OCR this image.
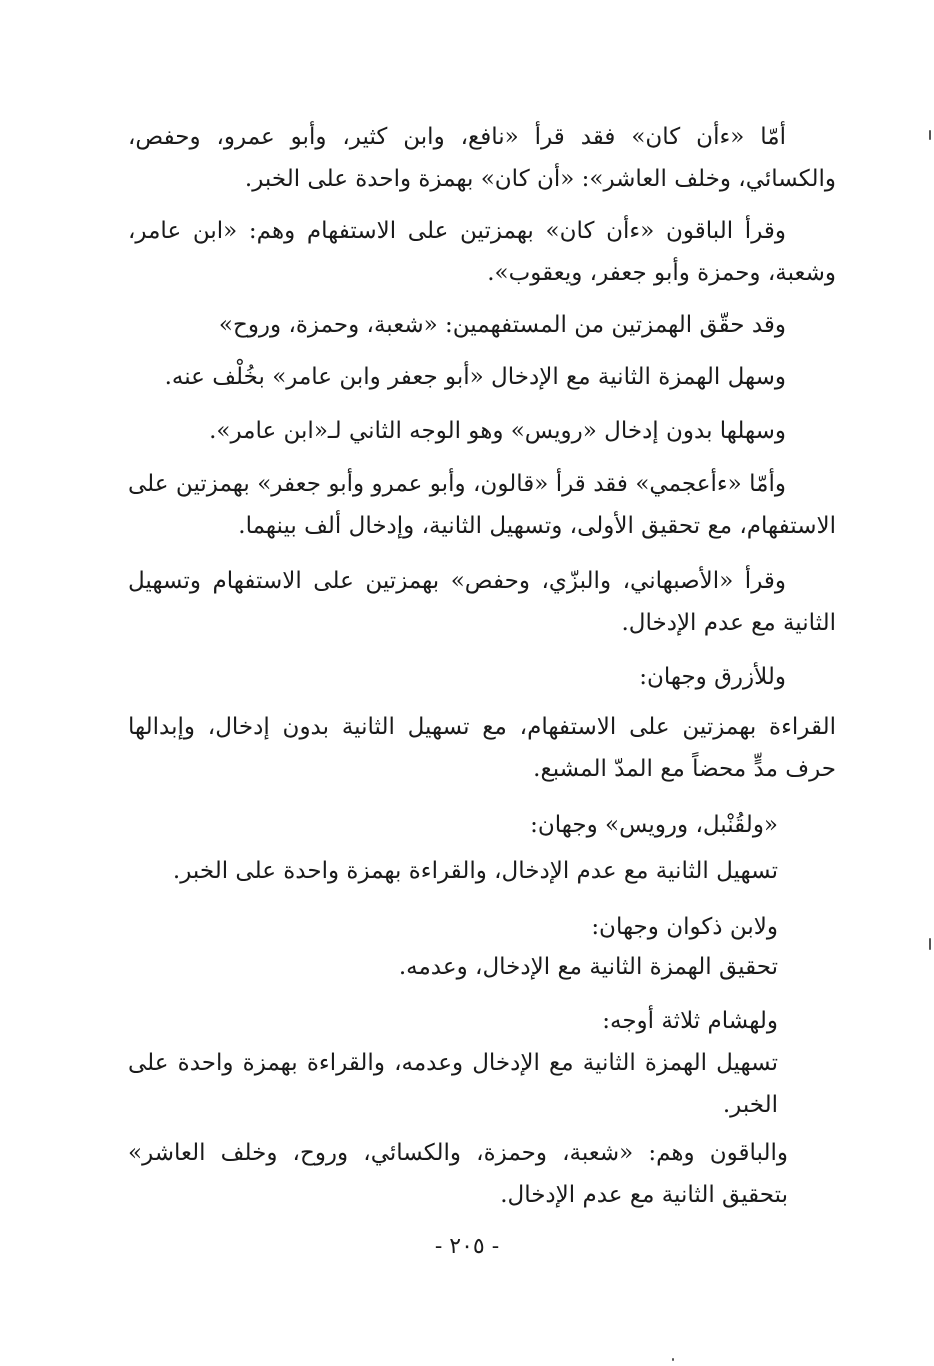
أمّا «ءأن كان» فقد قرأ «نافع، وابن كثير، وأبو عمرو، وحفص، والكسائي، وخلف العاشر»: «أن كان» بهمزة واحدة على الخبر.

وقرأ الباقون «ءأن كان» بهمزتين على الاستفهام وهم: «ابن عامر، وشعبة، وحمزة وأبو جعفر، ويعقوب».

وقد حقّق الهمزتين من المستفهمين: «شعبة، وحمزة، وروح»

وسهل الهمزة الثانية مع الإدخال «أبو جعفر وابن عامر» بخُلْف عنه.

وسهلها بدون إدخال «رويس» وهو الوجه الثاني لـ«ابن عامر».

وأمّا «ءأعجمي» فقد قرأ «قالون، وأبو عمرو وأبو جعفر» بهمزتين على الاستفهام، مع تحقيق الأولى، وتسهيل الثانية، وإدخال ألف بينهما.

وقرأ «الأصبهاني، والبزّي، وحفص» بهمزتين على الاستفهام وتسهيل الثانية مع عدم الإدخال.

وللأزرق وجهان:

القراءة بهمزتين على الاستفهام، مع تسهيل الثانية بدون إدخال، وإبدالها حرف مدٍّ محضاً مع المدّ المشبع.

«ولقُنْبل، ورويس» وجهان:

تسهيل الثانية مع عدم الإدخال، والقراءة بهمزة واحدة على الخبر.

ولابن ذكوان وجهان:

تحقيق الهمزة الثانية مع الإدخال، وعدمه.

ولهشام ثلاثة أوجه:

تسهيل الهمزة الثانية مع الإدخال وعدمه، والقراءة بهمزة واحدة على الخبر.

والباقون وهم: «شعبة، وحمزة، والكسائي، وروح، وخلف العاشر» بتحقيق الثانية مع عدم الإدخال.

- ٢٠٥ -
